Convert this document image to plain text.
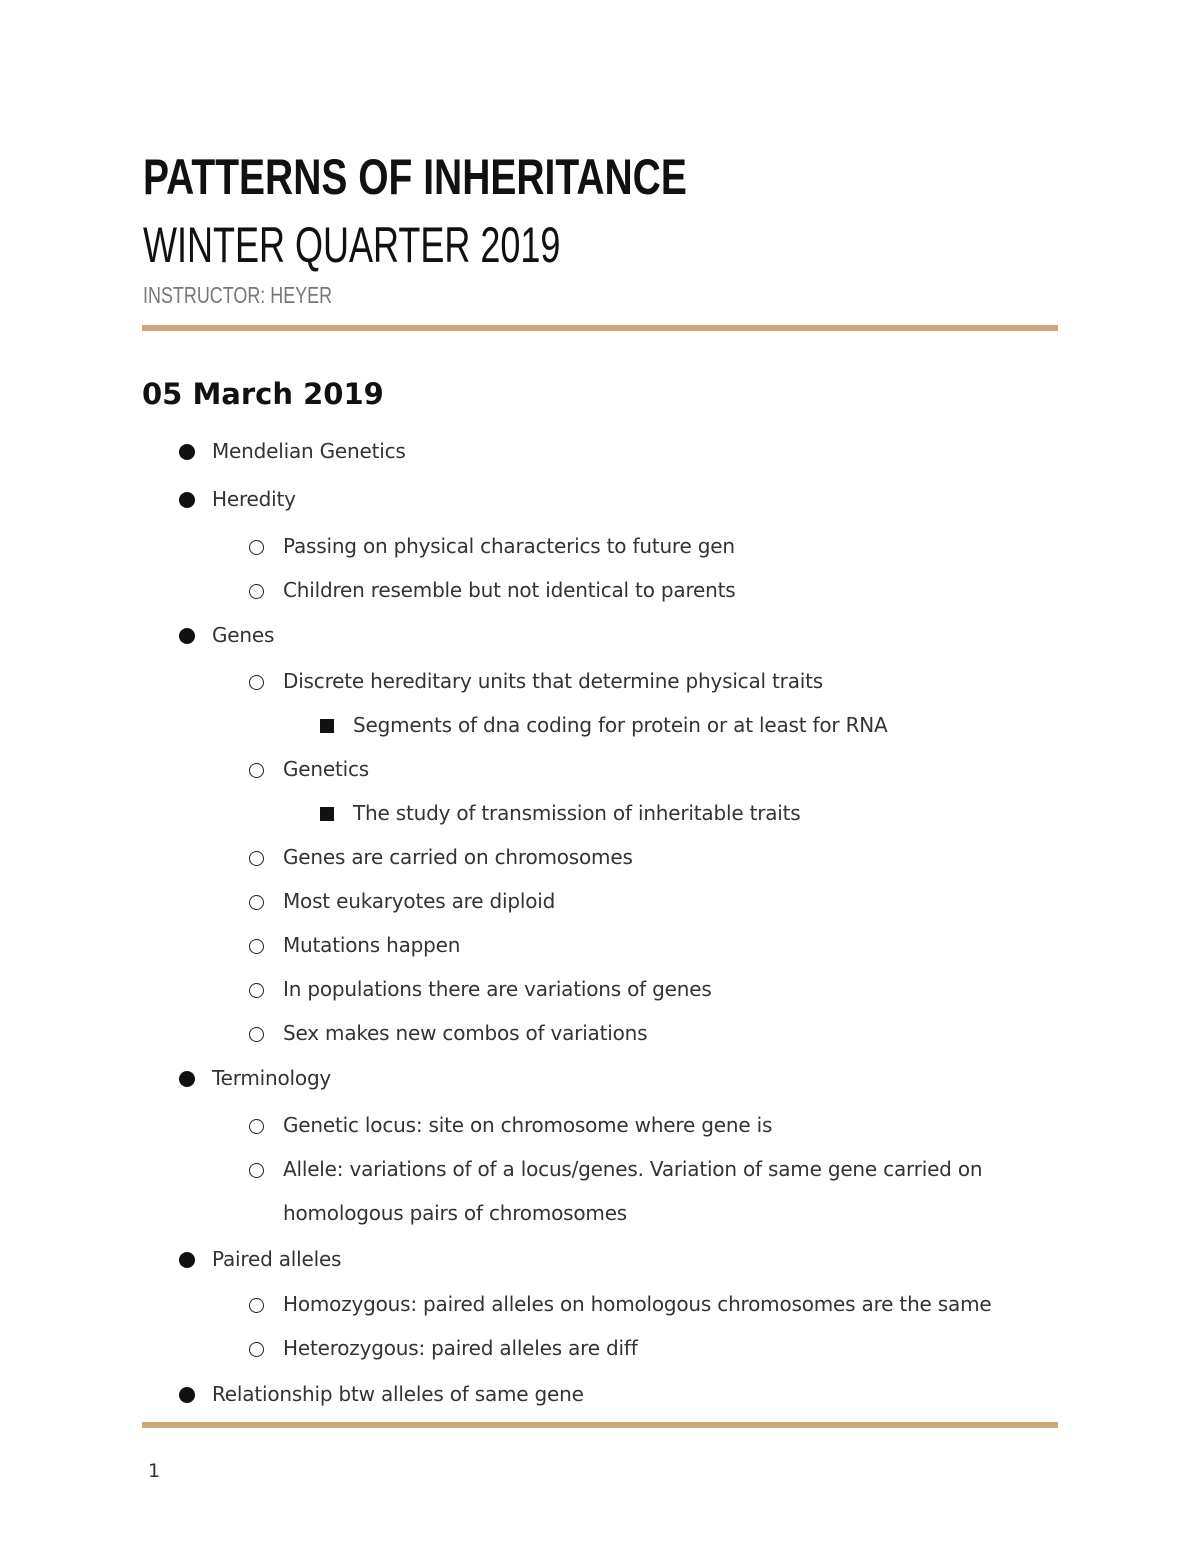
PATTERNS OF INHERITANCE
WINTER QUARTER 2019
INSTRUCTOR: HEYER
05 March 2019
Mendelian Genetics
Heredity
Passing on physical characterics to future gen
Children resemble but not identical to parents
Genes
Discrete hereditary units that determine physical traits
Segments of dna coding for protein or at least for RNA
Genetics
The study of transmission of inheritable traits
Genes are carried on chromosomes
Most eukaryotes are diploid
Mutations happen
In populations there are variations of genes
Sex makes new combos of variations
Terminology
Genetic locus: site on chromosome where gene is
Allele: variations of of a locus/genes. Variation of same gene carried on
homologous pairs of chromosomes
Paired alleles
Homozygous: paired alleles on homologous chromosomes are the same
Heterozygous: paired alleles are diff
Relationship btw alleles of same gene
1
